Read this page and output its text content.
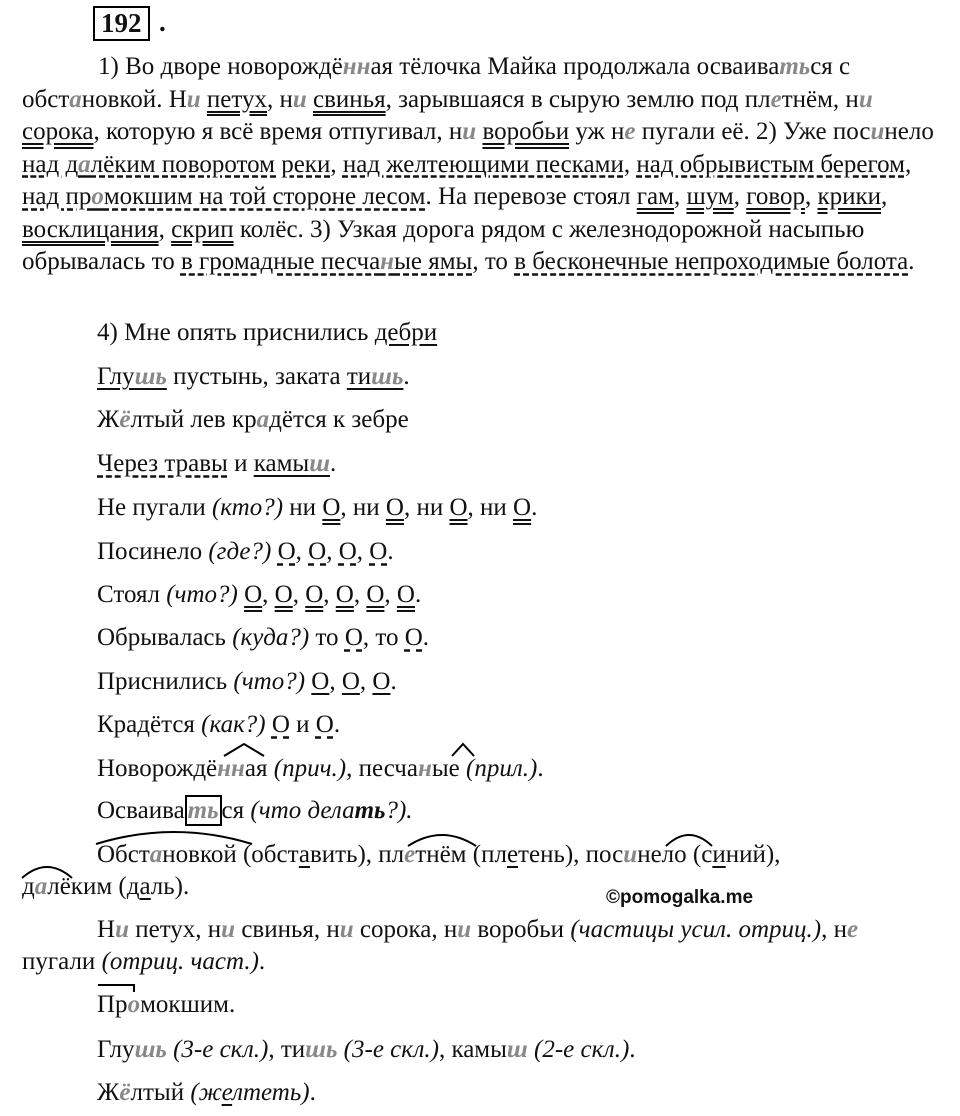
192 .

1) Во дворе новорождённая тёлочка Майка продолжала осваиваться с обстановкой. Ни петух, ни свинья, зарывшаяся в сырую землю под плетнём, ни сорока, которую я всё время отпугивал, ни воробьи уж не пугали её. 2) Уже посинело над далёким поворотом реки, над желтеющими песками, над обрывистым берегом, над промокшим на той стороне лесом. На перевозе стоял гам, шум, говор, крики, восклицания, скрип колёс. 3) Узкая дорога рядом с железнодорожной насыпью обрывалась то в громадные песчаные ямы, то в бесконечные непроходимые болота.

4) Мне опять приснились дебри

Глушь пустынь, заката тишь.

Жёлтый лев крадётся к зебре

Через травы и камыш.

Не пугали (кто?) ни О, ни О, ни О, ни О.

Посинело (где?) О, О, О, О.

Стоял (что?) О, О, О, О, О, О.

Обрывалась (куда?) то О, то О.

Приснились (что?) О, О, О.

Крадётся (как?) О и О.

Новорождённая (прич.), песчаные (прил.).

Осваива ть ся (что делать?).

Обстановкой (обставить), плетнём (плетень), посинело (синий),

далёким (даль).	©pomogalka.me

Ни петух, ни свинья, ни сорока, ни воробьи (частицы усил. отриц.), не

пугали (отриц. част.).

Промокшим.

Глушь (3-е скл.), тишь (3-е скл.), камыш (2-е скл.).

Жёлтый (желтеть).
